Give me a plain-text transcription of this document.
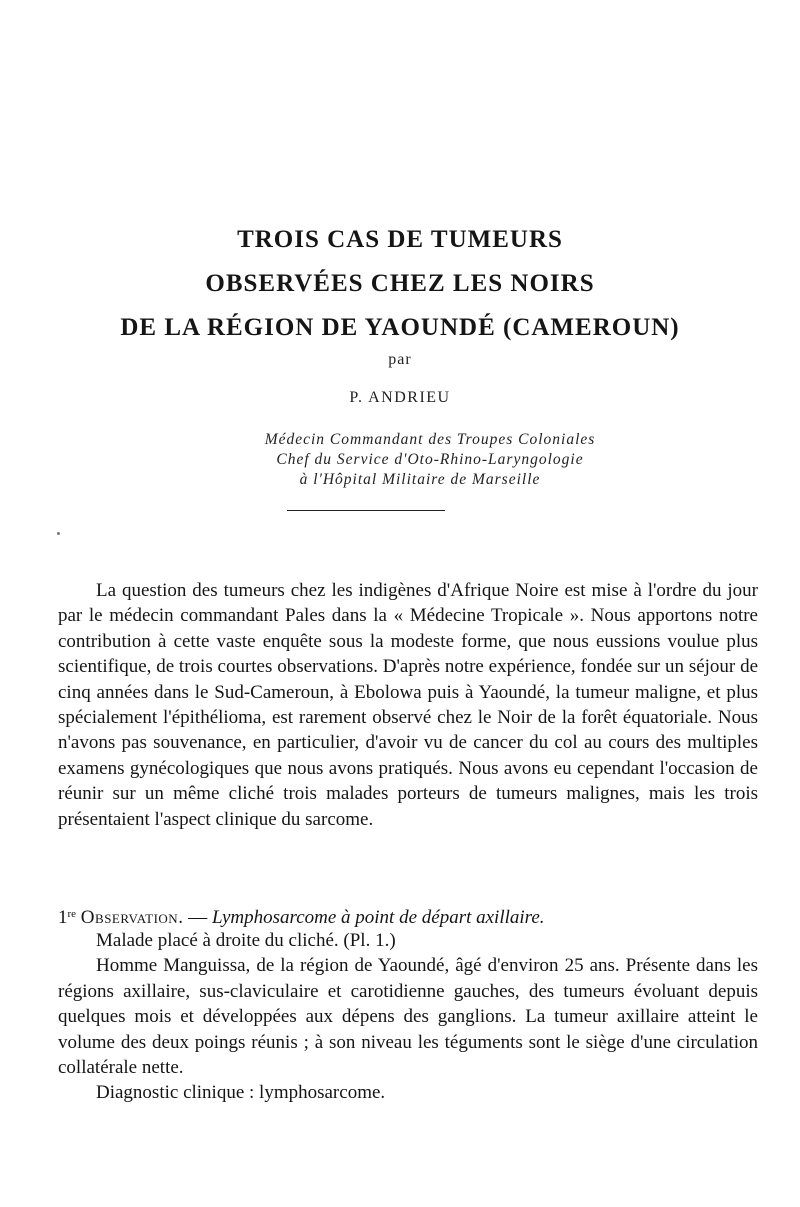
TROIS CAS DE TUMEURS

OBSERVÉES CHEZ LES NOIRS

DE LA RÉGION DE YAOUNDÉ (CAMEROUN)

par
P. ANDRIEU
Médecin Commandant des Troupes Coloniales
Chef du Service d'Oto-Rhino-Laryngologie
à l'Hôpital Militaire de Marseille

La question des tumeurs chez les indigènes d'Afrique Noire est mise à l'ordre du jour par le médecin commandant Pales dans la « Médecine Tropicale ». Nous apportons notre contribution à cette vaste enquête sous la modeste forme, que nous eussions voulue plus scientifique, de trois courtes observations. D'après notre expérience, fondée sur un séjour de cinq années dans le Sud-Cameroun, à Ebolowa puis à Yaoundé, la tumeur maligne, et plus spécialement l'épithélioma, est rarement observé chez le Noir de la forêt équatoriale. Nous n'avons pas souvenance, en particulier, d'avoir vu de cancer du col au cours des multiples examens gynécologiques que nous avons pratiqués. Nous avons eu cependant l'occasion de réunir sur un même cliché trois malades porteurs de tumeurs malignes, mais les trois présentaient l'aspect clinique du sarcome.

1re Observation. — Lymphosarcome à point de départ axillaire.

Malade placé à droite du cliché. (Pl. 1.)

Homme Manguissa, de la région de Yaoundé, âgé d'environ 25 ans. Présente dans les régions axillaire, sus-claviculaire et carotidienne gauches, des tumeurs évoluant depuis quelques mois et développées aux dépens des ganglions. La tumeur axillaire atteint le volume des deux poings réunis ; à son niveau les téguments sont le siège d'une circulation collatérale nette.

Diagnostic clinique : lymphosarcome.
